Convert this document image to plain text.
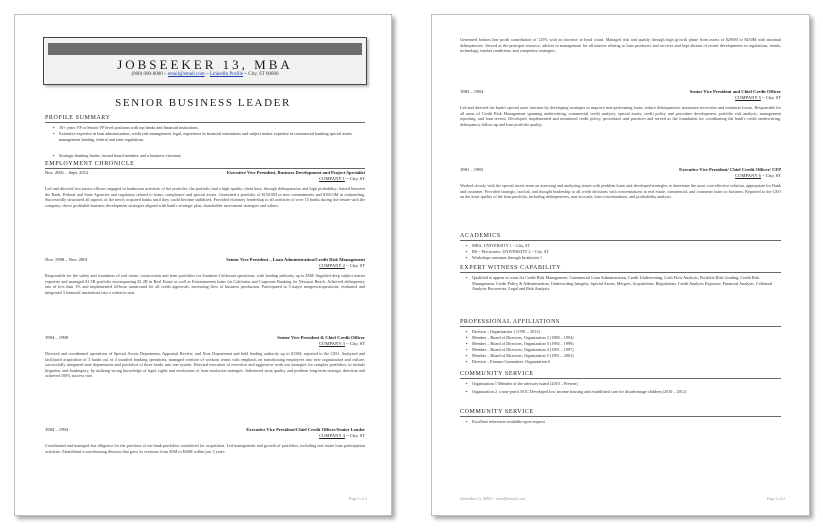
JOBSEEKER 13, MBA
(000) 000-0000 ~ email@email.com ~ LinkedIn Profile ~ City, ST 00000
SENIOR BUSINESS LEADER
PROFILE SUMMARY
▪ 10+ years VP or Senior VP level positions with top banks and financial institutions.
▪ Extensive expertise in loan administration, credit risk management, legal, experience in financial institutions and subject matter expertise in commercial banking special assets management lending, federal and state regulations.
▪ Strategic banking leader, trusted board member, and a business visionary
EMPLOYMENT CHRONICLE
Nov. 2001 – Sept. 2012	Executive Vice President, Business Development and Project Specialist
COMPANY 1 ~ City, ST
Led and directed two junior officers engaged in bankroom activities of the portfolio; the portfolio had a high-quality client base, through delinquencies and high probability; liaised between the Bank, Federal and State Agencies and regulators related to loans, compliance and special assets. Generated a portfolio of $150.0M in new commitments and $100.0M in outstanding. Successfully structured all aspects of the newly acquired banks until they could become stabilized. Provided visionary leadership to all activities of over 15 banks during the tenure with the company; drove profitable business development strategies aligned with bank's strategic plan, shareholder investment strategies and values.
Nov. 1998 – Nov. 2001	Senior Vice President – Loan Administration/Credit Risk Management
COMPANY 2 ~ City, ST
Responsible for the safety and soundness of real estate, construction and term portfolios for Southern California operations, with lending authority up to $5M. Supplied deep subject matter expertise and managed $1.5B portfolio encompassing $1.2B in Real Estate as well as Entertainment loans for California and Corporate Banking for Newport Beach. Achieved delinquency rate of less than 1% and implemented 24-hour turnaround for all credit approvals, increasing flow of business production. Participated in 3 major mergers/acquisitions; evaluated and integrated 3 financial institutions into a cohesive unit.
1994 – 1998	Senior Vice President & Chief Credit Officer
COMPANY 3 ~ City, ST
Directed and coordinated operations of Special Assets Department, Appraisal Review, and Note Department and held lending authority up to $15M; reported to the CEO. Analyzed and facilitated acquisition of 3 banks out of 4 troubled banking operations, managed creation of workout teams with emphasis on transitioning employees into new organization and culture; successfully integrated note departments and portfolios of three banks into one system. Directed execution of executive and aggressive work out strategies for complex portfolios, to include litigation, and bankruptcy, by utilizing strong knowledge of legal, rights and resolutions of loan resolution strategies. Influenced asset quality and problem long-term strategic direction and achieved 100% success rate.
1984 – 1994	Executive Vice President/Chief Credit Officer/Senior Lender
COMPANY 4 ~ City, ST
Coordinated and managed due diligence for the purchase of ten bank portfolios considered for acquisition. Led management and growth of portfolios, including real estate loan participation activities. Established a warehousing division that grew its revenues from $5M to $40M within just 3 years.
Page 1 of 2
Generated bottom line profit contribution of 125% with no increase in head count. Managed risk and quality through high growth phase from assets of $200M to $450M with minimal delinquencies. Served as the principal resource, advisor to management for all matters relating to loan producers and services and kept abreast of recent developments in regulations, trends, technology, market conditions, and competitor strategies.
1983 – 1984	Senior Vice President and Chief Credit Officer
COMPANY 5 ~ City, ST
Led and directed the bank's special asset function by developing strategies to improve non-performing loans, reduce delinquencies, maximize recoveries and minimize losses. Responsible for all areas of Credit Risk Management spanning underwriting, commercial credit analysis, special assets, credit policy and procedure development, portfolio risk analysis, management reporting, and loan review. Developed, implemented and monitored credit policy, procedures and practices and served as the foundation for coordinating the bank's credit underwriting, delinquency follow-up and loan portfolio quality.
1981 – 1983	Executive Vice President/ Chief Credit Officer/ CFP
COMPANY 6 ~ City, ST
Worked closely with the special assets team on assessing and analyzing issues with problem loans and developed strategies to determine the most cost-effective solution, appropriate for Bank and customer. Provided strategic, tactical, and thought leadership to all credit decisions with concentrations in real estate, commercial, and consumer loans to business. Reported to the CEO on the asset quality of the loan portfolio, including delinquencies, non-accruals, loan concentrations, and profitability analysis.
ACADEMICS
▪ MBA, UNIVERSITY 1 ~ City, ST
▪ BS ~ Electronics, UNIVERSITY 2 ~ City, ST
▪ Workshops seminars through Institution 1
EXPERT WITNESS CAPABILITY
▪ Qualified to appear in court for Credit Risk Management, Commercial Loan Administration, Credit Underwriting, Cash Flow Analysis, Portfolio Risk Grading, Credit Risk Management, Credit Policy & Administration, Underwriting Integrity, Special Assets, Mergers, Acquisitions, Regulations, Credit Analysis Exposure, Financial Analysis, Collateral Analysis Recoveries, Legal and Risk Analysis.
PROFESSIONAL AFFILIATIONS
▪ Director – Organization 1 (1991 – 2013)
▪ Member – Board of Directors, Organization 2 (1988 – 1994)
▪ Member – Board of Directors, Organization 3 (1994 – 1999)
▪ Member – Board of Directors, Organization 4 (1991 – 1997)
▪ Member – Board of Directors, Organization 5 (1991 – 2001)
▪ Director – Finance Committee, Organization 6
COMMUNITY SERVICE
▪ Organization 1 Member of the advisory board (2010 – Present)
▪ Organization 2, a non-profit 501C Developed low income housing and established care for disadvantage children (2010 – 2012)
COMMUNITY SERVICE
▪ Excellent references available upon request
Jobseeker 13, MBA ~ email@email.com	Page 2 of 2
